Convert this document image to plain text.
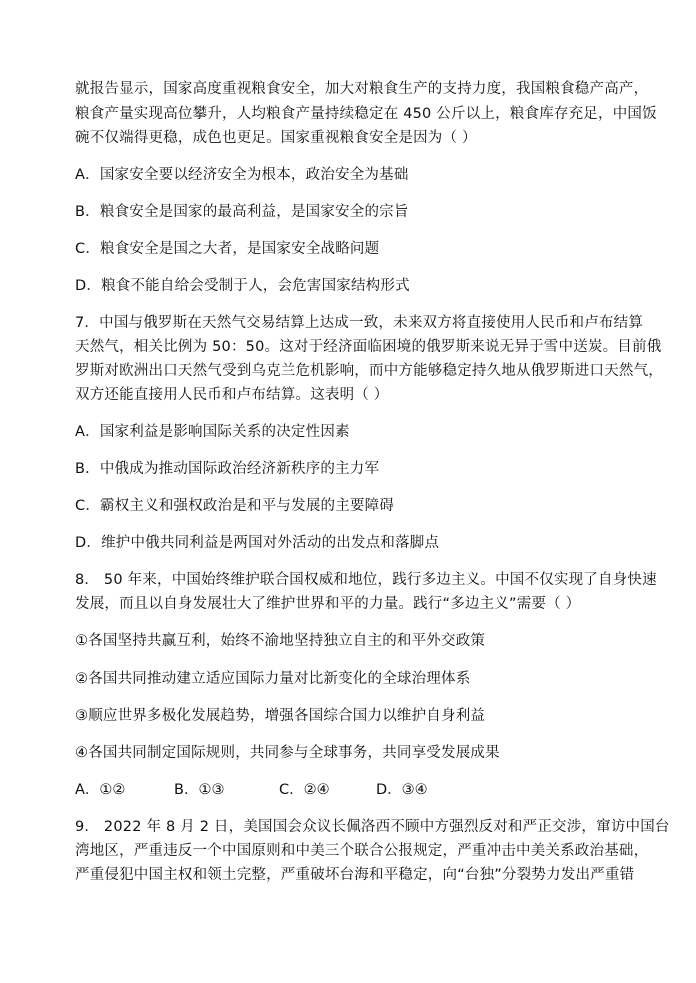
就报告显示，国家高度重视粮食安全，加大对粮食生产的支持力度，我国粮食稳产高产，
粮食产量实现高位攀升，人均粮食产量持续稳定在 450 公斤以上，粮食库存充足，中国饭
碗不仅端得更稳，成色也更足。国家重视粮食安全是因为（ ）
A．国家安全要以经济安全为根本，政治安全为基础
B．粮食安全是国家的最高利益，是国家安全的宗旨
C．粮食安全是国之大者，是国家安全战略问题
D．粮食不能自给会受制于人，会危害国家结构形式
7．中国与俄罗斯在天然气交易结算上达成一致，未来双方将直接使用人民币和卢布结算
天然气，相关比例为 50：50。这对于经济面临困境的俄罗斯来说无异于雪中送炭。目前俄
罗斯对欧洲出口天然气受到乌克兰危机影响，而中方能够稳定持久地从俄罗斯进口天然气，
双方还能直接用人民币和卢布结算。这表明（ ）
A．国家利益是影响国际关系的决定性因素
B．中俄成为推动国际政治经济新秩序的主力军
C．霸权主义和强权政治是和平与发展的主要障碍
D．维护中俄共同利益是两国对外活动的出发点和落脚点
8． 50 年来，中国始终维护联合国权威和地位，践行多边主义。中国不仅实现了自身快速
发展，而且以自身发展壮大了维护世界和平的力量。践行“多边主义”需要（ ）
①各国坚持共赢互利，始终不渝地坚持独立自主的和平外交政策
②各国共同推动建立适应国际力量对比新变化的全球治理体系
③顺应世界多极化发展趋势，增强各国综合国力以维护自身利益
④各国共同制定国际规则，共同参与全球事务，共同享受发展成果
A．①②	B．①③	C．②④	D．③④
9． 2022 年 8 月 2 日，美国国会众议长佩洛西不顾中方强烈反对和严正交涉，窜访中国台
湾地区，严重违反一个中国原则和中美三个联合公报规定，严重冲击中美关系政治基础，
严重侵犯中国主权和领土完整，严重破坏台海和平稳定，向“台独”分裂势力发出严重错
